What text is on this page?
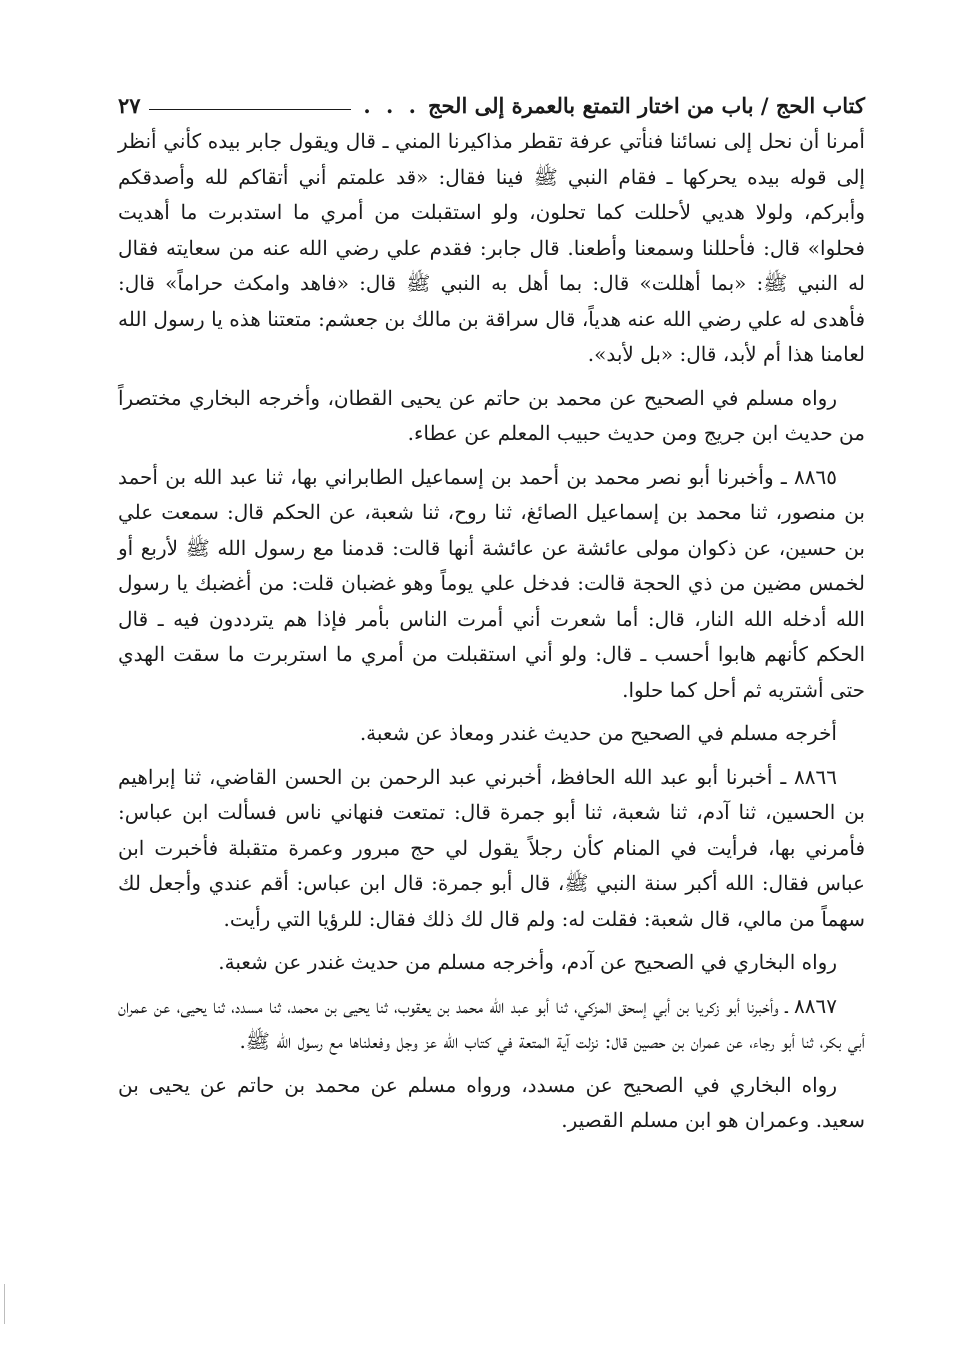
كتاب الحج / باب من اختار التمتع بالعمرة إلى الحج
. . .
٢٧

أمرنا أن نحل إلى نسائنا فنأتي عرفة تقطر مذاكيرنا المني ـ قال ويقول جابر بيده كأني أنظر إلى قوله بيده يحركها ـ فقام النبي ﷺ فينا فقال: «قد علمتم أني أتقاكم لله وأصدقكم وأبركم، ولولا هديي لأحللت كما تحلون، ولو استقبلت من أمري ما استدبرت ما أهديت فحلوا» قال: فأحللنا وسمعنا وأطعنا. قال جابر: فقدم علي رضي الله عنه من سعايته فقال له النبي ﷺ: «بما أهللت» قال: بما أهل به النبي ﷺ قال: «فاهد وامكث حراماً» قال: فأهدى له علي رضي الله عنه هدياً، قال سراقة بن مالك بن جعشم: متعتنا هذه يا رسول الله لعامنا هذا أم لأبد، قال: «بل لأبد».

رواه مسلم في الصحيح عن محمد بن حاتم عن يحيى القطان، وأخرجه البخاري مختصراً من حديث ابن جريج ومن حديث حبيب المعلم عن عطاء.

٨٨٦٥ ـ وأخبرنا أبو نصر محمد بن أحمد بن إسماعيل الطابراني بها، ثنا عبد الله بن أحمد بن منصور، ثنا محمد بن إسماعيل الصائغ، ثنا روح، ثنا شعبة، عن الحكم قال: سمعت علي بن حسين، عن ذكوان مولى عائشة عن عائشة أنها قالت: قدمنا مع رسول الله ﷺ لأربع أو لخمس مضين من ذي الحجة قالت: فدخل علي يوماً وهو غضبان قلت: من أغضبك يا رسول الله أدخله الله النار، قال: أما شعرت أني أمرت الناس بأمر فإذا هم يترددون فيه ـ قال الحكم كأنهم هابوا أحسب ـ قال: ولو أني استقبلت من أمري ما استربرت ما سقت الهدي حتى أشتريه ثم أحل كما حلوا.

أخرجه مسلم في الصحيح من حديث غندر ومعاذ عن شعبة.

٨٨٦٦ ـ أخبرنا أبو عبد الله الحافظ، أخبرني عبد الرحمن بن الحسن القاضي، ثنا إبراهيم بن الحسين، ثنا آدم، ثنا شعبة، ثنا أبو جمرة قال: تمتعت فنهاني ناس فسألت ابن عباس: فأمرني بها، فرأيت في المنام كأن رجلاً يقول لي حج مبرور وعمرة متقبلة فأخبرت ابن عباس فقال: الله أكبر سنة النبي ﷺ، قال أبو جمرة: قال ابن عباس: أقم عندي وأجعل لك سهماً من مالي، قال شعبة: فقلت له: ولم قال لك ذلك فقال: للرؤيا التي رأيت.

رواه البخاري في الصحيح عن آدم، وأخرجه مسلم من حديث غندر عن شعبة.

٨٨٦٧ ـ وأخبرنا أبو زكريا بن أبي إسحق المزكي، ثنا أبو عبد الله محمد بن يعقوب، ثنا يحيى بن محمد، ثنا مسدد، ثنا يحيى، عن عمران أبي بكر، ثنا أبو رجاء، عن عمران بن حصين قال: نزلت آية المتعة في كتاب الله عز وجل وفعلناها مع رسول الله ﷺ.

رواه البخاري في الصحيح عن مسدد، ورواه مسلم عن محمد بن حاتم عن يحيى بن سعيد. وعمران هو ابن مسلم القصير.
